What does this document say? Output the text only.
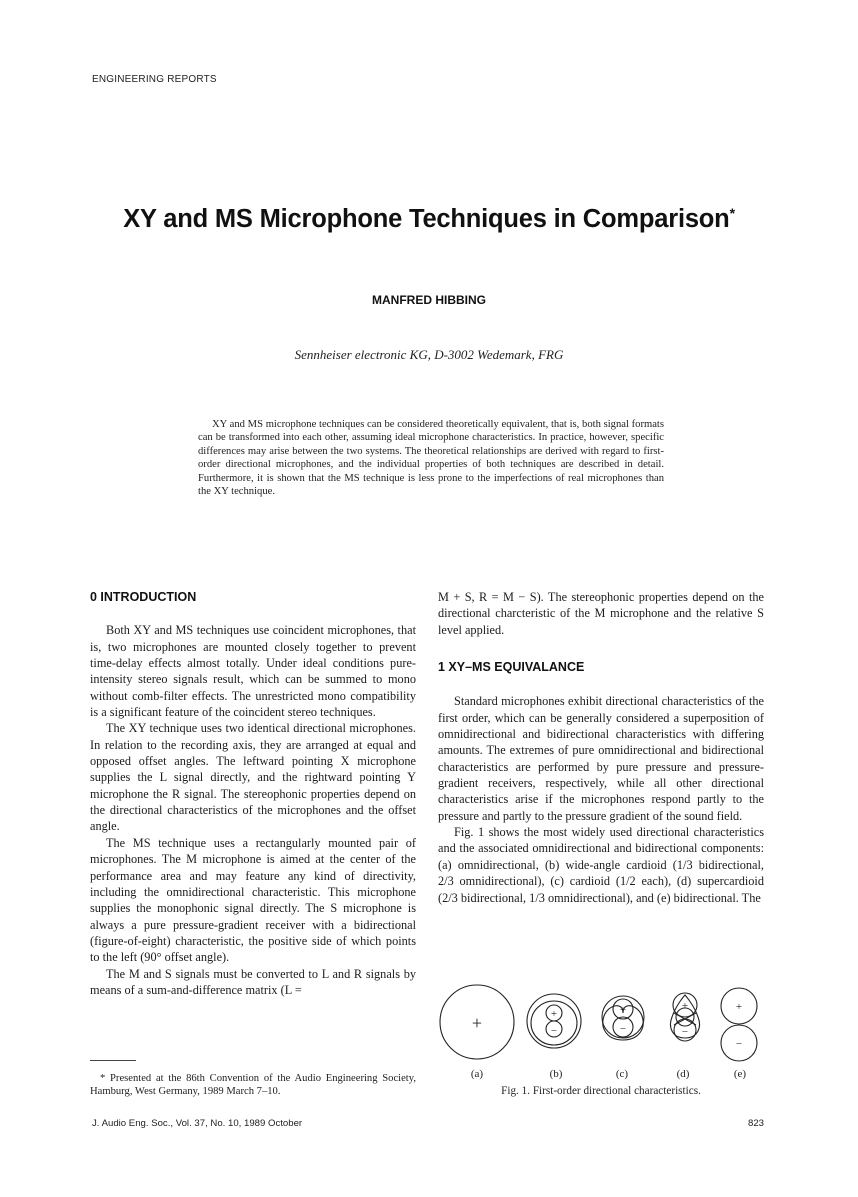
ENGINEERING REPORTS
XY and MS Microphone Techniques in Comparison*
MANFRED HIBBING
Sennheiser electronic KG, D-3002 Wedemark, FRG

XY and MS microphone techniques can be considered theoretically equivalent, that is, both signal formats can be transformed into each other, assuming ideal microphone characteristics. In practice, however, specific differences may arise between the two systems. The theoretical relationships are derived with regard to first-order directional microphones, and the individual properties of both techniques are described in detail. Furthermore, it is shown that the MS technique is less prone to the imperfections of real microphones than the XY technique.

0 INTRODUCTION

Both XY and MS techniques use coincident microphones, that is, two microphones are mounted closely together to prevent time-delay effects almost totally. Under ideal conditions pure-intensity stereo signals result, which can be summed to mono without comb-filter effects. The unrestricted mono compatibility is a significant feature of the coincident stereo techniques.

The XY technique uses two identical directional microphones. In relation to the recording axis, they are arranged at equal and opposed offset angles. The leftward pointing X microphone supplies the L signal directly, and the rightward pointing Y microphone the R signal. The stereophonic properties depend on the directional characteristics of the microphones and the offset angle.

The MS technique uses a rectangularly mounted pair of microphones. The M microphone is aimed at the center of the performance area and may feature any kind of directivity, including the omnidirectional characteristic. This microphone supplies the monophonic signal directly. The S microphone is always a pure pressure-gradient receiver with a bidirectional (figure-of-eight) characteristic, the positive side of which points to the left (90° offset angle).

The M and S signals must be converted to L and R signals by means of a sum-and-difference matrix (L =

* Presented at the 86th Convention of the Audio Engineering Society, Hamburg, West Germany, 1989 March 7–10.

M + S, R = M − S). The stereophonic properties depend on the directional charcteristic of the M microphone and the relative S level applied.

1 XY–MS EQUIVALANCE

Standard microphones exhibit directional characteristics of the first order, which can be generally considered a superposition of omnidirectional and bidirectional characteristics with differing amounts. The extremes of pure omnidirectional and bidirectional characteristics are performed by pure pressure and pressure-gradient receivers, respectively, while all other directional characteristics arise if the microphones respond partly to the pressure and partly to the pressure gradient of the sound field.

Fig. 1 shows the most widely used directional characteristics and the associated omnidirectional and bidirectional components: (a) omnidirectional, (b) wide-angle cardioid (1/3 bidirectional, 2/3 omnidirectional), (c) cardioid (1/2 each), (d) supercardioid (2/3 bidirectional, 1/3 omnidirectional), and (e) bidirectional. The

+	+
−
+
−
+
−
+
−
(a)	(b)	(c)	(d)	(e)
Fig. 1. First-order directional characteristics.
J. Audio Eng. Soc., Vol. 37, No. 10, 1989 October	823
